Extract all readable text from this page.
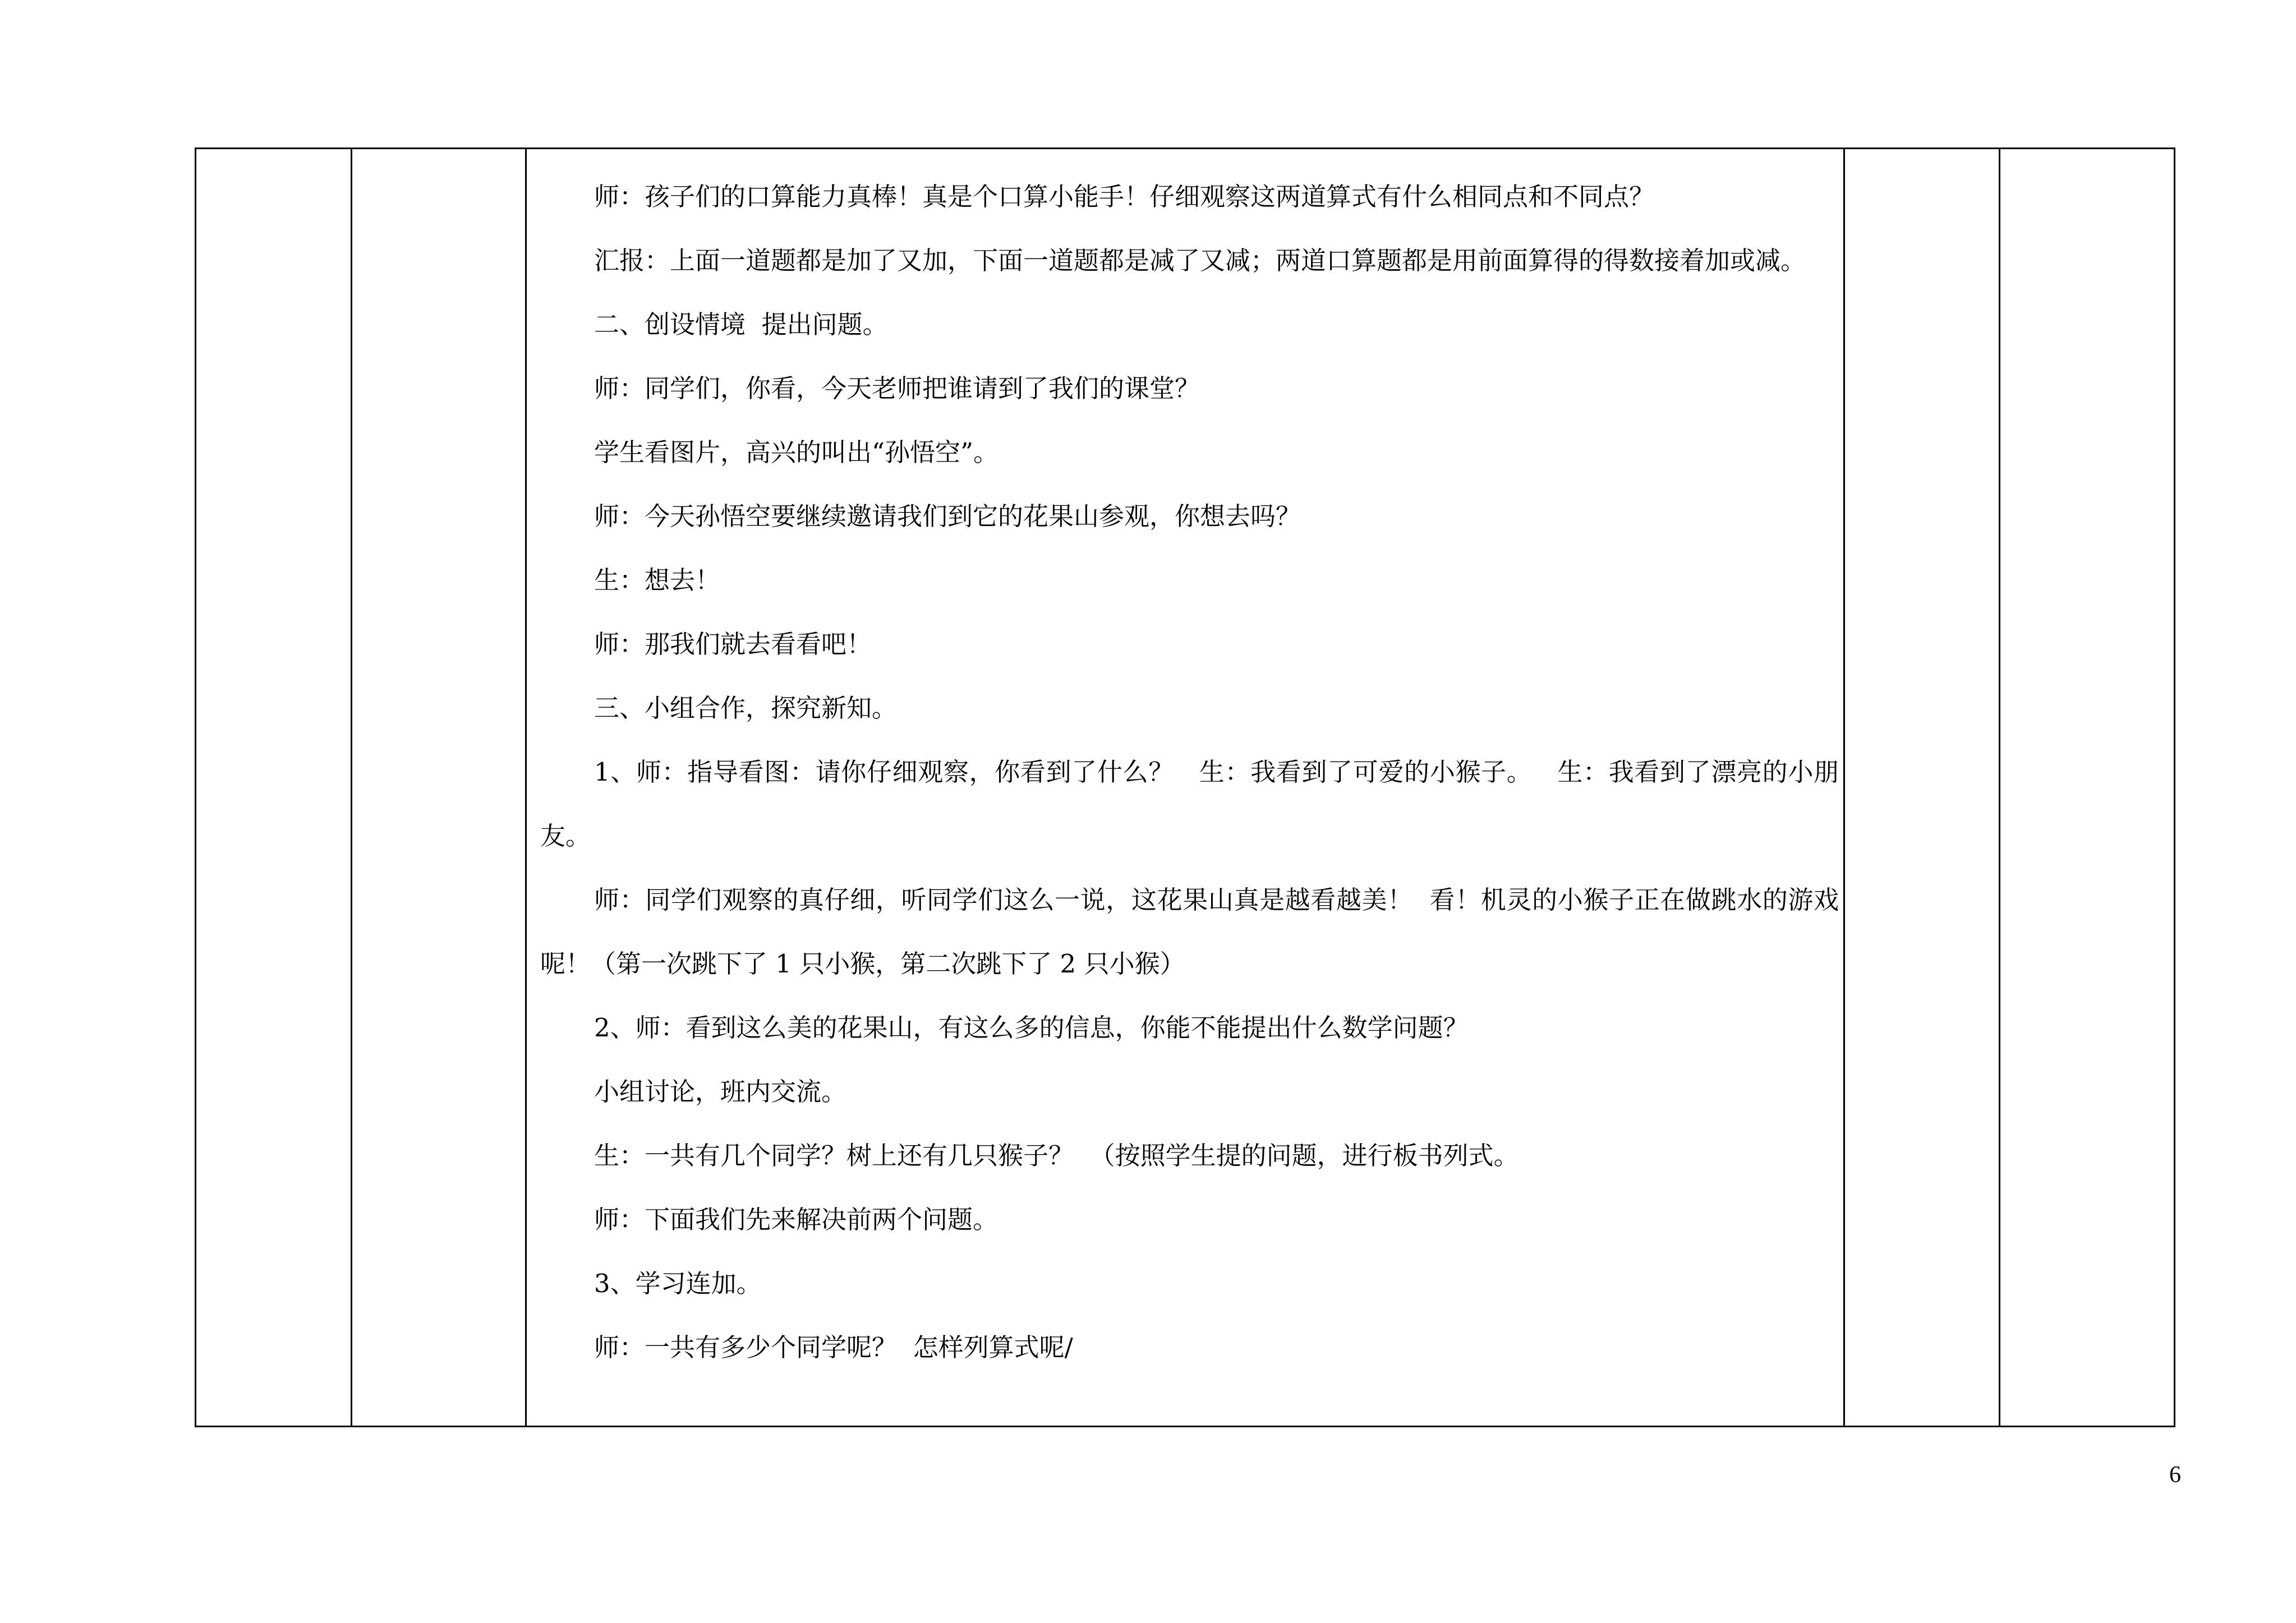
师：孩子们的口算能力真棒！真是个口算小能手！仔细观察这两道算式有什么相同点和不同点？

汇报：上面一道题都是加了又加，下面一道题都是减了又减；两道口算题都是用前面算得的得数接着加或减。

二、创设情境  提出问题。

师：同学们，你看，今天老师把谁请到了我们的课堂？

学生看图片，高兴的叫出“孙悟空”。

师：今天孙悟空要继续邀请我们到它的花果山参观，你想去吗？

生：想去！

师：那我们就去看看吧！

三、小组合作，探究新知。

1、师：指导看图：请你仔细观察，你看到了什么？   生：我看到了可爱的小猴子。   生：我看到了漂亮的小朋友。

师：同学们观察的真仔细，听同学们这么一说，这花果山真是越看越美！  看！机灵的小猴子正在做跳水的游戏呢！（第一次跳下了 1 只小猴，第二次跳下了 2 只小猴）

2、师：看到这么美的花果山，有这么多的信息，你能不能提出什么数学问题？

小组讨论，班内交流。

生：一共有几个同学？树上还有几只猴子？  （按照学生提的问题，进行板书列式。

师：下面我们先来解决前两个问题。

3、学习连加。

师：一共有多少个同学呢？  怎样列算式呢/

6
